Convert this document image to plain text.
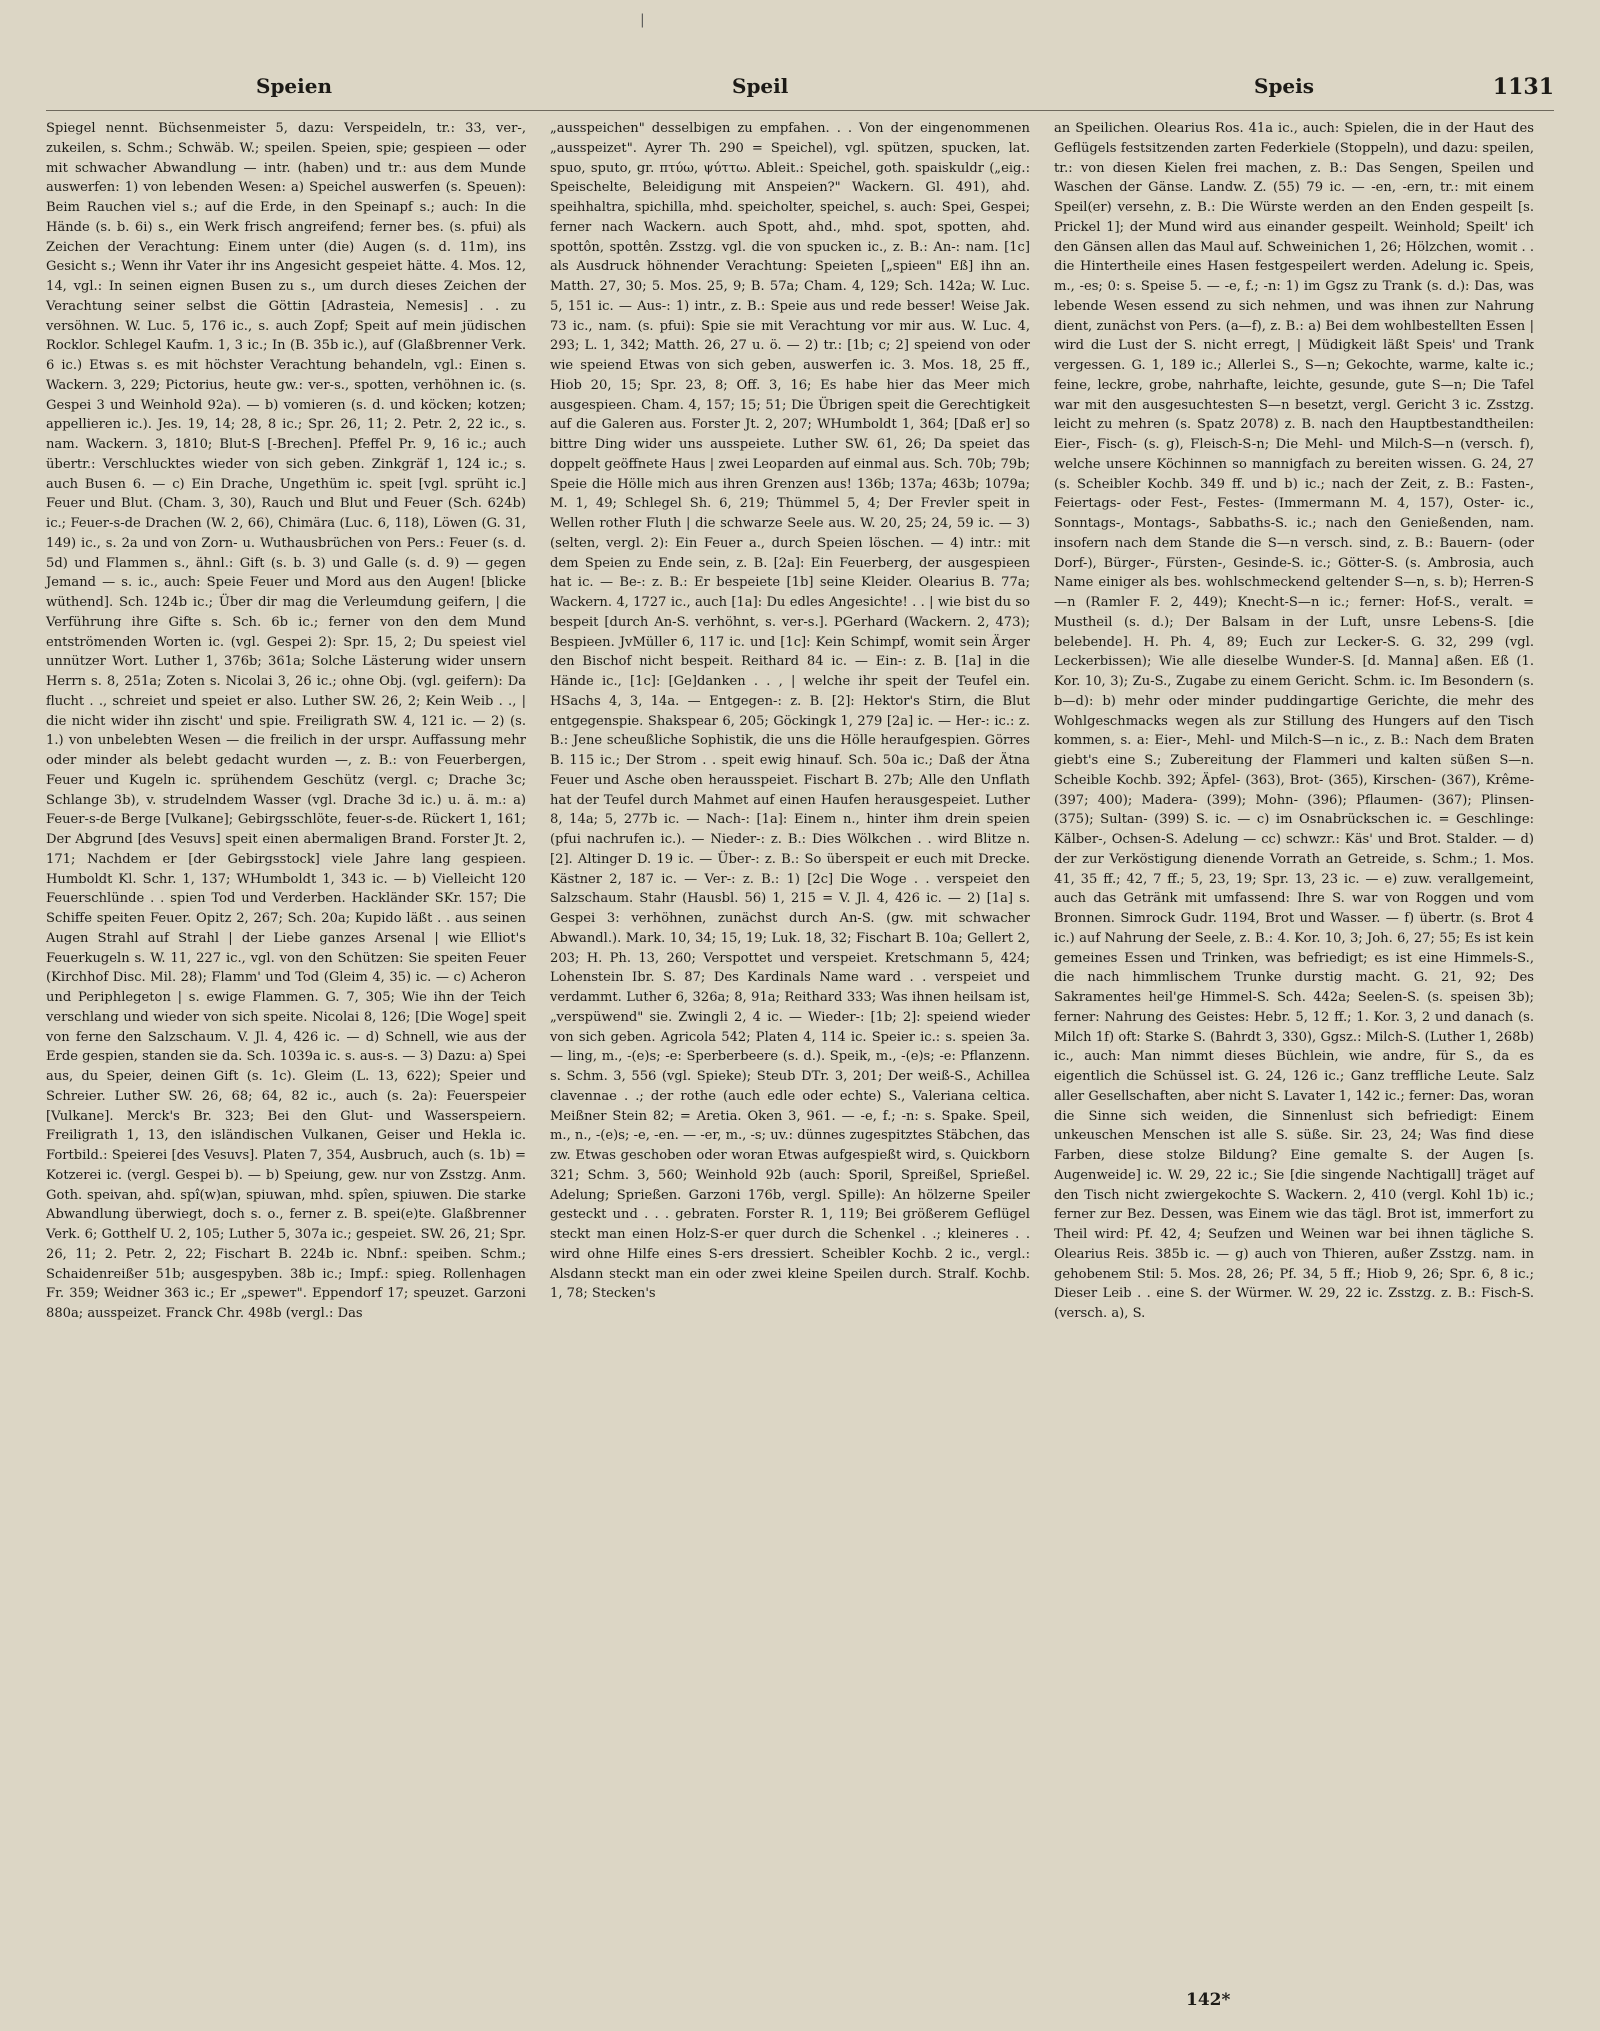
|
Speien	Speil	Speis	1131

Spiegel nennt. Büchsenmeister 5, dazu: Verspeideln, tr.: 33, ver-, zukeilen, s. Schm.; Schwäb. W.; speilen. Speien, spie; gespieen — oder mit schwacher Abwandlung — intr. (haben) und tr.: aus dem Munde auswerfen: 1) von lebenden Wesen: a) Speichel auswerfen (s. Speuen): Beim Rauchen viel s.; auf die Erde, in den Speinapf s.; auch: In die Hände (s. b. 6i) s., ein Werk frisch angreifend; ferner bes. (s. pfui) als Zeichen der Verachtung: Einem unter (die) Augen (s. d. 11m), ins Gesicht s.; Wenn ihr Vater ihr ins Angesicht gespeiet hätte. 4. Mos. 12, 14, vgl.: In seinen eignen Busen zu s., um durch dieses Zeichen der Verachtung seiner selbst die Göttin [Adrasteia, Nemesis] . . zu versöhnen. W. Luc. 5, 176 ic., s. auch Zopf; Speit auf mein jüdischen Rocklor. Schlegel Kaufm. 1, 3 ic.; In (B. 35b ic.), auf (Glaßbrenner Verk. 6 ic.) Etwas s. es mit höchster Verachtung behandeln, vgl.: Einen s. Wackern. 3, 229; Pictorius, heute gw.: ver-s., spotten, verhöhnen ic. (s. Gespei 3 und Weinhold 92a). — b) vomieren (s. d. und köcken; kotzen; appellieren ic.). Jes. 19, 14; 28, 8 ic.; Spr. 26, 11; 2. Petr. 2, 22 ic., s. nam. Wackern. 3, 1810; Blut-S [-Brechen]. Pfeffel Pr. 9, 16 ic.; auch übertr.: Verschlucktes wieder von sich geben. Zinkgräf 1, 124 ic.; s. auch Busen 6. — c) Ein Drache, Ungethüm ic. speit [vgl. sprüht ic.] Feuer und Blut. (Cham. 3, 30), Rauch und Blut und Feuer (Sch. 624b) ic.; Feuer-s-de Drachen (W. 2, 66), Chimära (Luc. 6, 118), Löwen (G. 31, 149) ic., s. 2a und von Zorn- u. Wuthausbrüchen von Pers.: Feuer (s. d. 5d) und Flammen s., ähnl.: Gift (s. b. 3) und Galle (s. d. 9) — gegen Jemand — s. ic., auch: Speie Feuer und Mord aus den Augen! [blicke wüthend]. Sch. 124b ic.; Über dir mag die Verleumdung geifern, | die Verführung ihre Gifte s. Sch. 6b ic.; ferner von den dem Mund entströmenden Worten ic. (vgl. Gespei 2): Spr. 15, 2; Du speiest viel unnützer Wort. Luther 1, 376b; 361a; Solche Lästerung wider unsern Herrn s. 8, 251a; Zoten s. Nicolai 3, 26 ic.; ohne Obj. (vgl. geifern): Da flucht . ., schreiet und speiet er also. Luther SW. 26, 2; Kein Weib . ., | die nicht wider ihn zischt' und spie. Freiligrath SW. 4, 121 ic. — 2) (s. 1.) von unbelebten Wesen — die freilich in der urspr. Auffassung mehr oder minder als belebt gedacht wurden —, z. B.: von Feuerbergen, Feuer und Kugeln ic. sprühendem Geschütz (vergl. c; Drache 3c; Schlange 3b), v. strudelndem Wasser (vgl. Drache 3d ic.) u. ä. m.: a) Feuer-s-de Berge [Vulkane]; Gebirgsschlöte, feuer-s-de. Rückert 1, 161; Der Abgrund [des Vesuvs] speit einen abermaligen Brand. Forster Jt. 2, 171; Nachdem er [der Gebirgsstock] viele Jahre lang gespieen. Humboldt Kl. Schr. 1, 137; WHumboldt 1, 343 ic. — b) Vielleicht 120 Feuerschlünde . . spien Tod und Verderben. Hackländer SKr. 157; Die Schiffe speiten Feuer. Opitz 2, 267; Sch. 20a; Kupido läßt . . aus seinen Augen Strahl auf Strahl | der Liebe ganzes Arsenal | wie Elliot's Feuerkugeln s. W. 11, 227 ic., vgl. von den Schützen: Sie speiten Feuer (Kirchhof Disc. Mil. 28); Flamm' und Tod (Gleim 4, 35) ic. — c) Acheron und Periphlegeton | s. ewige Flammen. G. 7, 305; Wie ihn der Teich verschlang und wieder von sich speite. Nicolai 8, 126; [Die Woge] speit von ferne den Salzschaum. V. Jl. 4, 426 ic. — d) Schnell, wie aus der Erde gespien, standen sie da. Sch. 1039a ic. s. aus-s. — 3) Dazu: a) Spei aus, du Speier, deinen Gift (s. 1c). Gleim (L. 13, 622); Speier und Schreier. Luther SW. 26, 68; 64, 82 ic., auch (s. 2a): Feuerspeier [Vulkane]. Merck's Br. 323; Bei den Glut- und Wasserspeiern. Freiligrath 1, 13, den isländischen Vulkanen, Geiser und Hekla ic. Fortbild.: Speierei [des Vesuvs]. Platen 7, 354, Ausbruch, auch (s. 1b) = Kotzerei ic. (vergl. Gespei b). — b) Speiung, gew. nur von Zsstzg. Anm. Goth. speivan, ahd. spî(w)an, spiuwan, mhd. spîen, spiuwen. Die starke Abwandlung überwiegt, doch s. o., ferner z. B. spei(e)te. Glaßbrenner Verk. 6; Gotthelf U. 2, 105; Luther 5, 307a ic.; gespeiet. SW. 26, 21; Spr. 26, 11; 2. Petr. 2, 22; Fischart B. 224b ic. Nbnf.: speiben. Schm.; Schaidenreißer 51b; ausgespyben. 38b ic.; Impf.: spieg. Rollenhagen Fr. 359; Weidner 363 ic.; Er „speweт". Eppendorf 17; speuzet. Garzoni 880a; ausspeizet. Franck Chr. 498b (vergl.: Das

„ausspeichen" desselbigen zu empfahen. . . Von der eingenommenen „ausspeizet". Ayrer Th. 290 = Speichel), vgl. spützen, spucken, lat. spuo, sputo, gr. πτύω, ψύττω. Ableit.: Speichel, goth. spaiskuldr („eig.: Speischelte, Beleidigung mit Anspeien?" Wackern. Gl. 491), ahd. speihhaltra, spichilla, mhd. speicholter, speichel, s. auch: Spei, Gespei; ferner nach Wackern. auch Spott, ahd., mhd. spot, spotten, ahd. spottôn, spottên. Zsstzg. vgl. die von spucken ic., z. B.: An-: nam. [1c] als Ausdruck höhnender Verachtung: Speieten [„spieen" Eß] ihn an. Matth. 27, 30; 5. Mos. 25, 9; B. 57a; Cham. 4, 129; Sch. 142a; W. Luc. 5, 151 ic. — Aus-: 1) intr., z. B.: Speie aus und rede besser! Weise Jak. 73 ic., nam. (s. pfui): Spie sie mit Verachtung vor mir aus. W. Luc. 4, 293; L. 1, 342; Matth. 26, 27 u. ö. — 2) tr.: [1b; c; 2] speiend von oder wie speiend Etwas von sich geben, auswerfen ic. 3. Mos. 18, 25 ff., Hiob 20, 15; Spr. 23, 8; Off. 3, 16; Es habe hier das Meer mich ausgespieen. Cham. 4, 157; 15; 51; Die Übrigen speit die Gerechtigkeit auf die Galeren aus. Forster Jt. 2, 207; WHumboldt 1, 364; [Daß er] so bittre Ding wider uns ausspeiete. Luther SW. 61, 26; Da speiet das doppelt geöffnete Haus | zwei Leoparden auf einmal aus. Sch. 70b; 79b; Speie die Hölle mich aus ihren Grenzen aus! 136b; 137a; 463b; 1079a; M. 1, 49; Schlegel Sh. 6, 219; Thümmel 5, 4; Der Frevler speit in Wellen rother Fluth | die schwarze Seele aus. W. 20, 25; 24, 59 ic. — 3) (selten, vergl. 2): Ein Feuer a., durch Speien löschen. — 4) intr.: mit dem Speien zu Ende sein, z. B. [2a]: Ein Feuerberg, der ausgespieen hat ic. — Be-: z. B.: Er bespeiete [1b] seine Kleider. Olearius B. 77a; Wackern. 4, 1727 ic., auch [1a]: Du edles Angesichte! . . | wie bist du so bespeit [durch An-S. verhöhnt, s. ver-s.]. PGerhard (Wackern. 2, 473); Bespieen. JvMüller 6, 117 ic. und [1c]: Kein Schimpf, womit sein Ärger den Bischof nicht bespeit. Reithard 84 ic. — Ein-: z. B. [1a] in die Hände ic., [1c]: [Ge]danken . . , | welche ihr speit der Teufel ein. HSachs 4, 3, 14a. — Entgegen-: z. B. [2]: Hektor's Stirn, die Blut entgegenspie. Shakspear 6, 205; Göckingk 1, 279 [2a] ic. — Her-: ic.: z. B.: Jene scheußliche Sophistik, die uns die Hölle heraufgespien. Görres B. 115 ic.; Der Strom . . speit ewig hinauf. Sch. 50a ic.; Daß der Ätna Feuer und Asche oben herausspeiet. Fischart B. 27b; Alle den Unflath hat der Teufel durch Mahmet auf einen Haufen herausgespeiet. Luther 8, 14a; 5, 277b ic. — Nach-: [1a]: Einem n., hinter ihm drein speien (pfui nachrufen ic.). — Nieder-: z. B.: Dies Wölkchen . . wird Blitze n. [2]. Altinger D. 19 ic. — Über-: z. B.: So überspeit er euch mit Drecke. Kästner 2, 187 ic. — Ver-: z. B.: 1) [2c] Die Woge . . verspeiet den Salzschaum. Stahr (Hausbl. 56) 1, 215 = V. Jl. 4, 426 ic. — 2) [1a] s. Gespei 3: verhöhnen, zunächst durch An-S. (gw. mit schwacher Abwandl.). Mark. 10, 34; 15, 19; Luk. 18, 32; Fischart B. 10a; Gellert 2, 203; H. Ph. 13, 260; Verspottet und verspeiet. Kretschmann 5, 424; Lohenstein Ibr. S. 87; Des Kardinals Name ward . . verspeiet und verdammt. Luther 6, 326a; 8, 91a; Reithard 333; Was ihnen heilsam ist, „verspüwend" sie. Zwingli 2, 4 ic. — Wieder-: [1b; 2]: speiend wieder von sich geben. Agricola 542; Platen 4, 114 ic. Speier ic.: s. speien 3a. — ling, m., -(e)s; -e: Sperberbeere (s. d.). Speik, m., -(e)s; -e: Pflanzenn. s. Schm. 3, 556 (vgl. Spieke); Steub DTr. 3, 201; Der weiß-S., Achillea clavennae . .; der rothe (auch edle oder echte) S., Valeriana celtica. Meißner Stein 82; = Aretia. Oken 3, 961. — -e, f.; -n: s. Spake. Speil, m., n., -(e)s; -e, -en. — -er, m., -s; uv.: dünnes zugespitztes Stäbchen, das zw. Etwas geschoben oder woran Etwas aufgespießt wird, s. Quickborn 321; Schm. 3, 560; Weinhold 92b (auch: Sporil, Spreißel, Sprießel. Adelung; Sprießen. Garzoni 176b, vergl. Spille): An hölzerne Speiler gesteckt und . . . gebraten. Forster R. 1, 119; Bei größerem Geflügel steckt man einen Holz-S-er quer durch die Schenkel . .; kleineres . . wird ohne Hilfe eines S-ers dressiert. Scheibler Kochb. 2 ic., vergl.: Alsdann steckt man ein oder zwei kleine Speilen durch. Stralf. Kochb. 1, 78; Stecken's

an Speilichen. Olearius Ros. 41a ic., auch: Spielen, die in der Haut des Geflügels festsitzenden zarten Federkiele (Stoppeln), und dazu: speilen, tr.: von diesen Kielen frei machen, z. B.: Das Sengen, Speilen und Waschen der Gänse. Landw. Z. (55) 79 ic. — -en, -ern, tr.: mit einem Speil(er) versehn, z. B.: Die Würste werden an den Enden gespeilt [s. Prickel 1]; der Mund wird aus einander gespeilt. Weinhold; Speilt' ich den Gänsen allen das Maul auf. Schweinichen 1, 26; Hölzchen, womit . . die Hintertheile eines Hasen festgespeilert werden. Adelung ic. Speis, m., -es; 0: s. Speise 5. — -e, f.; -n: 1) im Ggsz zu Trank (s. d.): Das, was lebende Wesen essend zu sich nehmen, und was ihnen zur Nahrung dient, zunächst von Pers. (a—f), z. B.: a) Bei dem wohlbestellten Essen | wird die Lust der S. nicht erregt, | Müdigkeit läßt Speis' und Trank vergessen. G. 1, 189 ic.; Allerlei S., S—n; Gekochte, warme, kalte ic.; feine, leckre, grobe, nahrhafte, leichte, gesunde, gute S—n; Die Tafel war mit den ausgesuchtesten S—n besetzt, vergl. Gericht 3 ic. Zsstzg. leicht zu mehren (s. Spatz 2078) z. B. nach den Hauptbestandtheilen: Eier-, Fisch- (s. g), Fleisch-S-n; Die Mehl- und Milch-S—n (versch. f), welche unsere Köchinnen so mannigfach zu bereiten wissen. G. 24, 27 (s. Scheibler Kochb. 349 ff. und b) ic.; nach der Zeit, z. B.: Fasten-, Feiertags- oder Fest-, Festes- (Immermann M. 4, 157), Oster- ic., Sonntags-, Montags-, Sabbaths-S. ic.; nach den Genießenden, nam. insofern nach dem Stande die S—n versch. sind, z. B.: Bauern- (oder Dorf-), Bürger-, Fürsten-, Gesinde-S. ic.; Götter-S. (s. Ambrosia, auch Name einiger als bes. wohlschmeckend geltender S—n, s. b); Herren-S—n (Ramler F. 2, 449); Knecht-S—n ic.; ferner: Hof-S., veralt. = Mustheil (s. d.); Der Balsam in der Luft, unsre Lebens-S. [die belebende]. H. Ph. 4, 89; Euch zur Lecker-S. G. 32, 299 (vgl. Leckerbissen); Wie alle dieselbe Wunder-S. [d. Manna] aßen. Eß (1. Kor. 10, 3); Zu-S., Zugabe zu einem Gericht. Schm. ic. Im Besondern (s. b—d): b) mehr oder minder puddingartige Gerichte, die mehr des Wohlgeschmacks wegen als zur Stillung des Hungers auf den Tisch kommen, s. a: Eier-, Mehl- und Milch-S—n ic., z. B.: Nach dem Braten giebt's eine S.; Zubereitung der Flammeri und kalten süßen S—n. Scheible Kochb. 392; Äpfel- (363), Brot- (365), Kirschen- (367), Krême- (397; 400); Madera- (399); Mohn- (396); Pflaumen- (367); Plinsen- (375); Sultan- (399) S. ic. — c) im Osnabrückschen ic. = Geschlinge: Kälber-, Ochsen-S. Adelung — cc) schwzr.: Käs' und Brot. Stalder. — d) der zur Verköstigung dienende Vorrath an Getreide, s. Schm.; 1. Mos. 41, 35 ff.; 42, 7 ff.; 5, 23, 19; Spr. 13, 23 ic. — e) zuw. verallgemeint, auch das Getränk mit umfassend: Ihre S. war von Roggen und vom Bronnen. Simrock Gudr. 1194, Brot und Wasser. — f) übertr. (s. Brot 4 ic.) auf Nahrung der Seele, z. B.: 4. Kor. 10, 3; Joh. 6, 27; 55; Es ist kein gemeines Essen und Trinken, was befriedigt; es ist eine Himmels-S., die nach himmlischem Trunke durstig macht. G. 21, 92; Des Sakramentes heil'ge Himmel-S. Sch. 442a; Seelen-S. (s. speisen 3b); ferner: Nahrung des Geistes: Hebr. 5, 12 ff.; 1. Kor. 3, 2 und danach (s. Milch 1f) oft: Starke S. (Bahrdt 3, 330), Ggsz.: Milch-S. (Luther 1, 268b) ic., auch: Man nimmt dieses Büchlein, wie andre, für S., da es eigentlich die Schüssel ist. G. 24, 126 ic.; Ganz treffliche Leute. Salz aller Gesellschaften, aber nicht S. Lavater 1, 142 ic.; ferner: Das, woran die Sinne sich weiden, die Sinnenlust sich befriedigt: Einem unkeuschen Menschen ist alle S. süße. Sir. 23, 24; Was find diese Farben, diese stolze Bildung? Eine gemalte S. der Augen [s. Augenweide] ic. W. 29, 22 ic.; Sie [die singende Nachtigall] träget auf den Tisch nicht zwiergekochte S. Wackern. 2, 410 (vergl. Kohl 1b) ic.; ferner zur Bez. Dessen, was Einem wie das tägl. Brot ist, immerfort zu Theil wird: Pf. 42, 4; Seufzen und Weinen war bei ihnen tägliche S. Olearius Reis. 385b ic. — g) auch von Thieren, außer Zsstzg. nam. in gehobenem Stil: 5. Mos. 28, 26; Pf. 34, 5 ff.; Hiob 9, 26; Spr. 6, 8 ic.; Dieser Leib . . eine S. der Würmer. W. 29, 22 ic. Zsstzg. z. B.: Fisch-S. (versch. a), S.

142*
